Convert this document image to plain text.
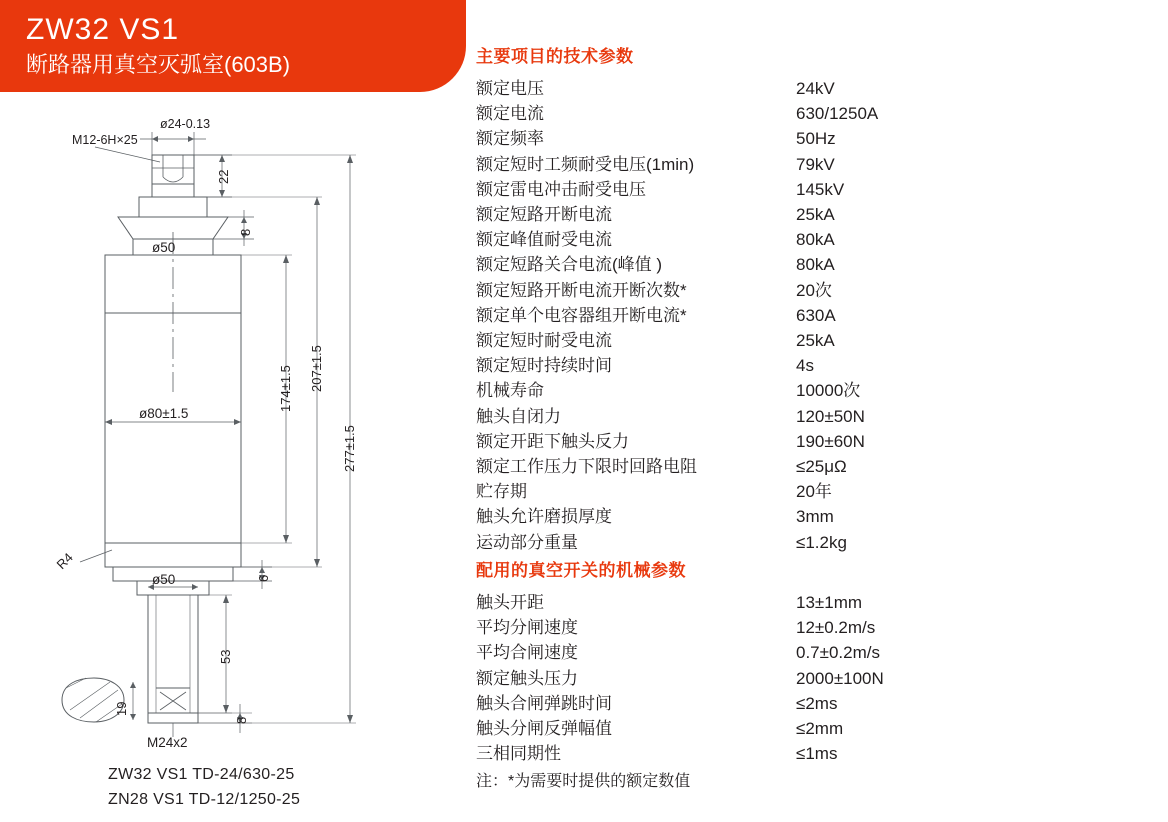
ZW32 VS1
断路器用真空灭弧室(603B)
M12-6H×25
ø24-0.13
22
8
ø50
ø80±1.5
174±1.5 207±1.5
277±1.5
R4
6
ø50
53
8
19
M24x2
ZW32 VS1 TD-24/630-25
ZN28 VS1 TD-12/1250-25
主要项目的技术参数
额定电压	24kV
额定电流	630/1250A
额定频率	50Hz
额定短时工频耐受电压(1min)	79kV
额定雷电冲击耐受电压	145kV
额定短路开断电流	25kA
额定峰值耐受电流	80kA
额定短路关合电流(峰值 )	80kA
额定短路开断电流开断次数*	20次
额定单个电容器组开断电流*	630A
额定短时耐受电流	25kA
额定短时持续时间	4s
机械寿命	10000次
触头自闭力	120±50N
额定开距下触头反力	190±60N
额定工作压力下限时回路电阻	≤25μΩ
贮存期	20年
触头允许磨损厚度	3mm
运动部分重量	≤1.2kg
配用的真空开关的机械参数
触头开距	13±1mm
平均分闸速度	12±0.2m/s
平均合闸速度	0.7±0.2m/s
额定触头压力	2000±100N
触头合闸弹跳时间	≤2ms
触头分闸反弹幅值	≤2mm
三相同期性	≤1ms
注：*为需要时提供的额定数值
